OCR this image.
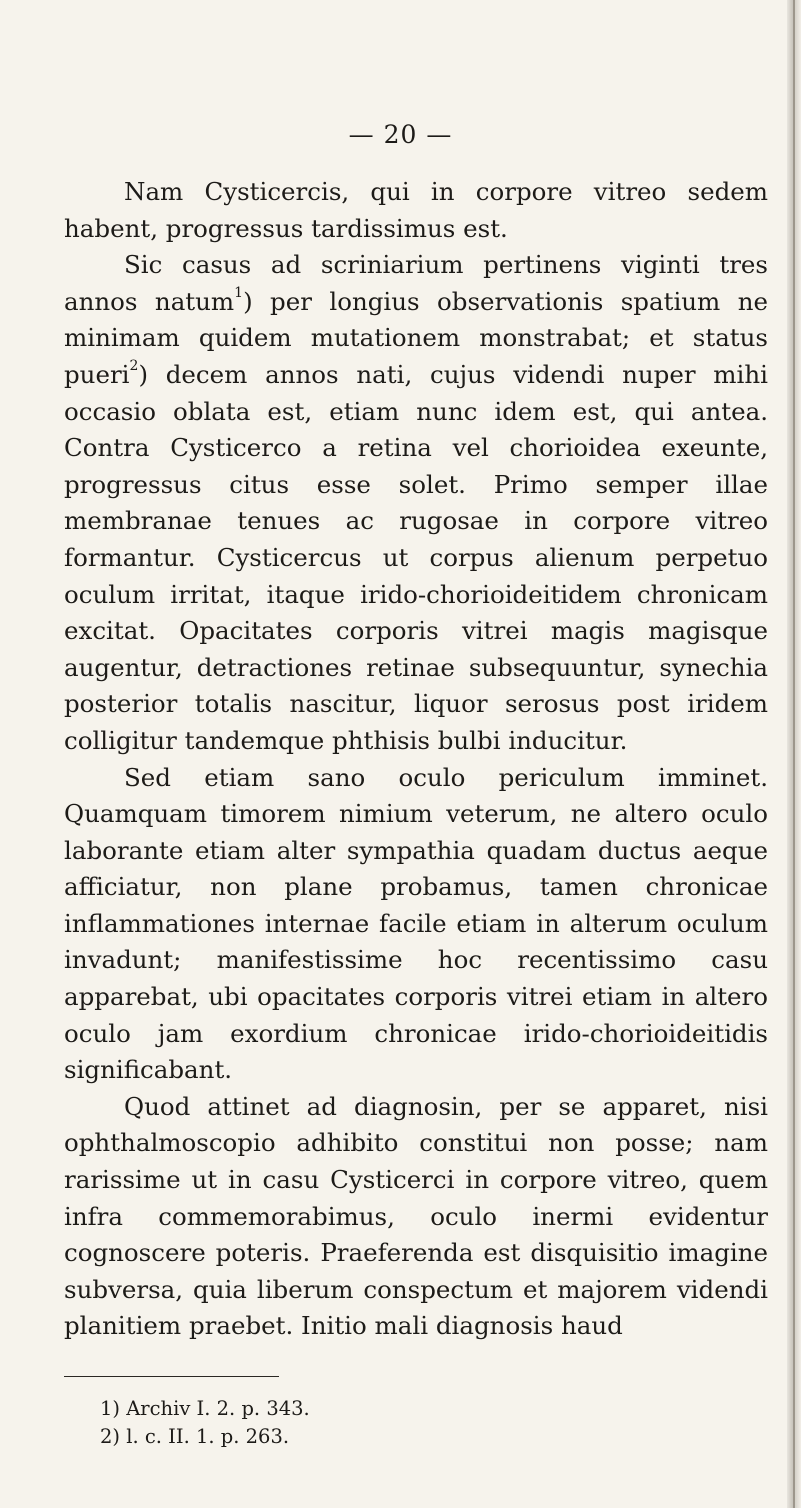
— 20 —

Nam Cysticercis, qui in corpore vitreo sedem habent, progressus tardissimus est.

Sic casus ad scriniarium pertinens viginti tres annos natum$^1$) per longius observationis spatium ne minimam quidem mutationem monstrabat; et status pueri$^2$) decem annos nati, cujus videndi nuper mihi occasio oblata est, etiam nunc idem est, qui antea. Contra Cysticerco a retina vel chorioidea exeunte, progressus citus esse solet. Primo semper illae membranae tenues ac rugosae in corpore vitreo formantur. Cysticercus ut corpus alienum perpetuo oculum irritat, itaque irido-chorioideitidem chronicam excitat. Opacitates corporis vitrei magis magisque augentur, detractiones retinae subsequuntur, synechia posterior totalis nascitur, liquor serosus post iridem colligitur tandemque phthisis bulbi inducitur.

Sed etiam sano oculo periculum imminet. Quamquam timorem nimium veterum, ne altero oculo laborante etiam alter sympathia quadam ductus aeque afficiatur, non plane probamus, tamen chronicae inflammationes internae facile etiam in alterum oculum invadunt; manifestissime hoc recentissimo casu apparebat, ubi opacitates corporis vitrei etiam in altero oculo jam exordium chronicae irido-chorioideitidis significabant.

Quod attinet ad diagnosin, per se apparet, nisi ophthalmoscopio adhibito constitui non posse; nam rarissime ut in casu Cysticerci in corpore vitreo, quem infra commemorabimus, oculo inermi evidentur cognoscere poteris. Praeferenda est disquisitio imagine subversa, quia liberum conspectum et majorem videndi planitiem praebet. Initio mali diagnosis haud

1) Archiv I. 2. p. 343.
2) l. c. II. 1. p. 263.
